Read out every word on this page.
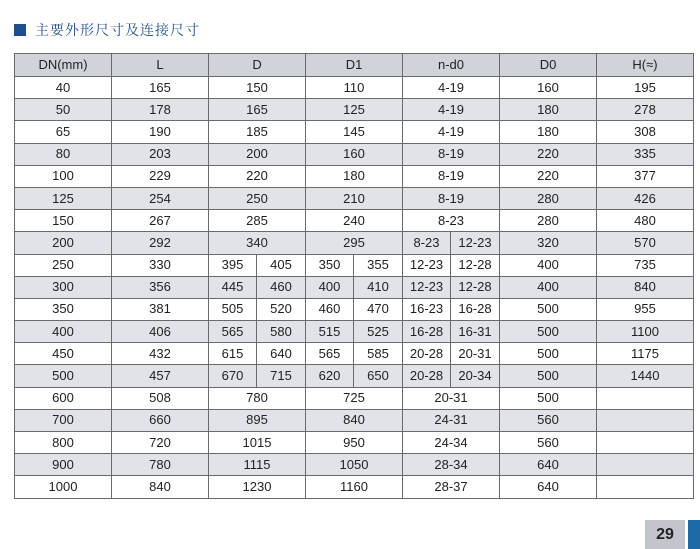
主要外形尺寸及连接尺寸
DN(mm)	L	D		D1		n-d0		D0	H(≈)
40	165	150		110		4-19		160	195
50	178	165		125		4-19		180	278
65	190	185		145		4-19		180	308
80	203	200		160		8-19		220	335
100	229	220		180		8-19		220	377
125	254	250		210		8-19		280	426
150	267	285		240		8-23		280	480
200	292	340		295		8-23	12-23	320	570
250	330	395	405	350	355	12-23	12-28	400	735
300	356	445	460	400	410	12-23	12-28	400	840
350	381	505	520	460	470	16-23	16-28	500	955
400	406	565	580	515	525	16-28	16-31	500	1100
450	432	615	640	565	585	20-28	20-31	500	1175
500	457	670	715	620	650	20-28	20-34	500	1440
600	508	780		725		20-31		500	
700	660	895		840		24-31		560	
800	720	1015		950		24-34		560	
900	780	1115		1050		28-34		640	
1000	840	1230		1160		28-37		640	
29
